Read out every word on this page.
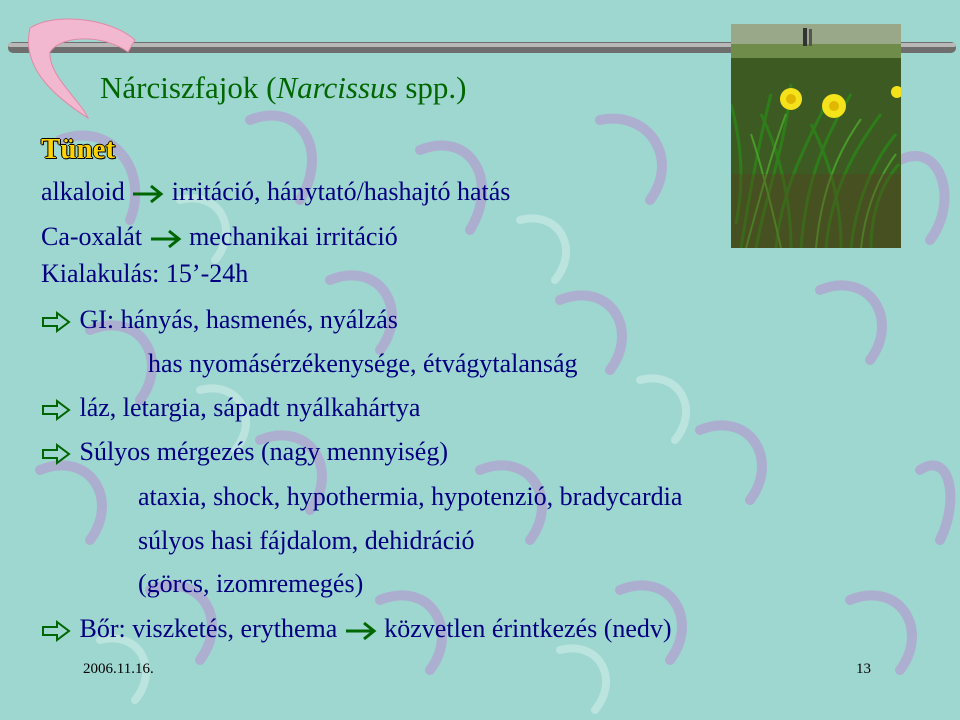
Nárciszfajok (Narcissus spp.)
Tünet
alkaloid irritáció, hánytató/hashajtó hatás
Ca-oxalát mechanikai irritáció
Kialakulás: 15’-24h
GI: hányás, hasmenés, nyálzás
has nyomásérzékenysége, étvágytalanság
láz, letargia, sápadt nyálkahártya
Súlyos mérgezés (nagy mennyiség)
ataxia, shock, hypothermia, hypotenzió, bradycardia
súlyos hasi fájdalom, dehidráció
(görcs, izomremegés)
Bőr: viszketés, erythema közvetlen érintkezés (nedv)
2006.11.16.	13
